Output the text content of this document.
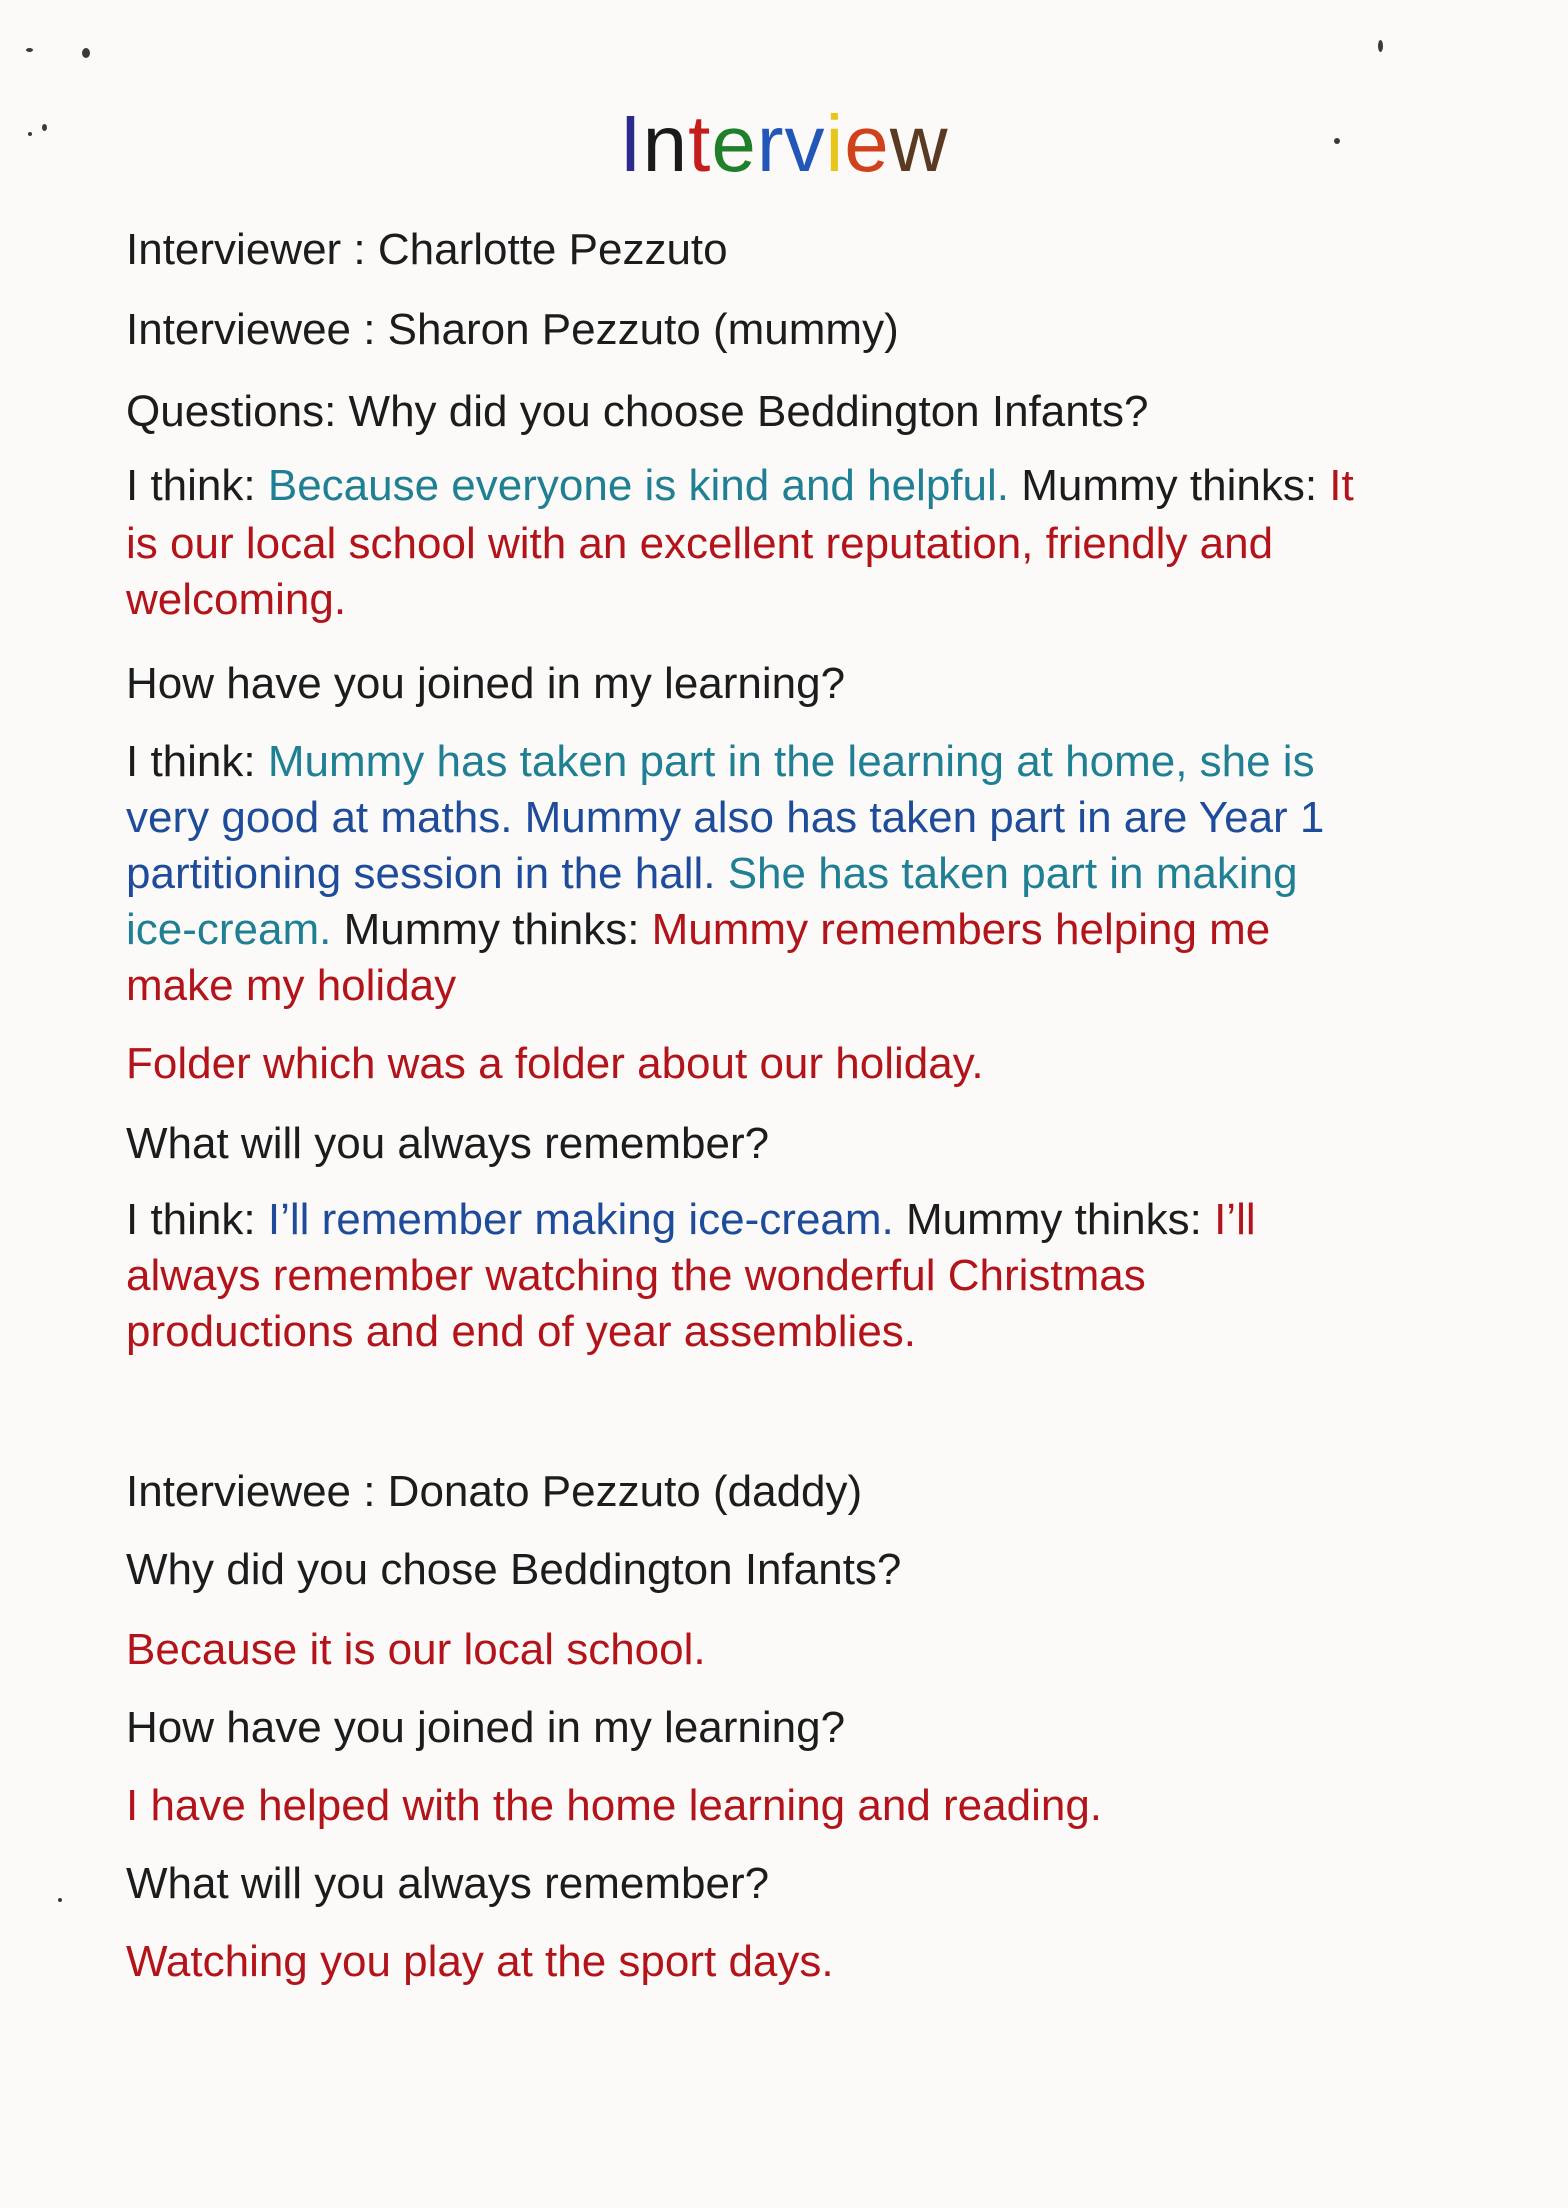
Interview
Interviewer : Charlotte Pezzuto
Interviewee : Sharon Pezzuto (mummy)
Questions: Why did you choose Beddington Infants?
I think: Because everyone is kind and helpful. Mummy thinks: It
is our local school with an excellent reputation, friendly and
welcoming.
How have you joined in my learning?
I think: Mummy has taken part in the learning at home, she is
very good at maths. Mummy also has taken part in are Year 1
partitioning session in the hall. She has taken part in making
ice-cream. Mummy thinks: Mummy remembers helping me
make my holiday
Folder which was a folder about our holiday.
What will you always remember?
I think: I’ll remember making ice-cream. Mummy thinks: I’ll
always remember watching the wonderful Christmas
productions and end of year assemblies.
Interviewee : Donato Pezzuto (daddy)
Why did you chose Beddington Infants?
Because it is our local school.
How have you joined in my learning?
I have helped with the home learning and reading.
What will you always remember?
Watching you play at the sport days.
